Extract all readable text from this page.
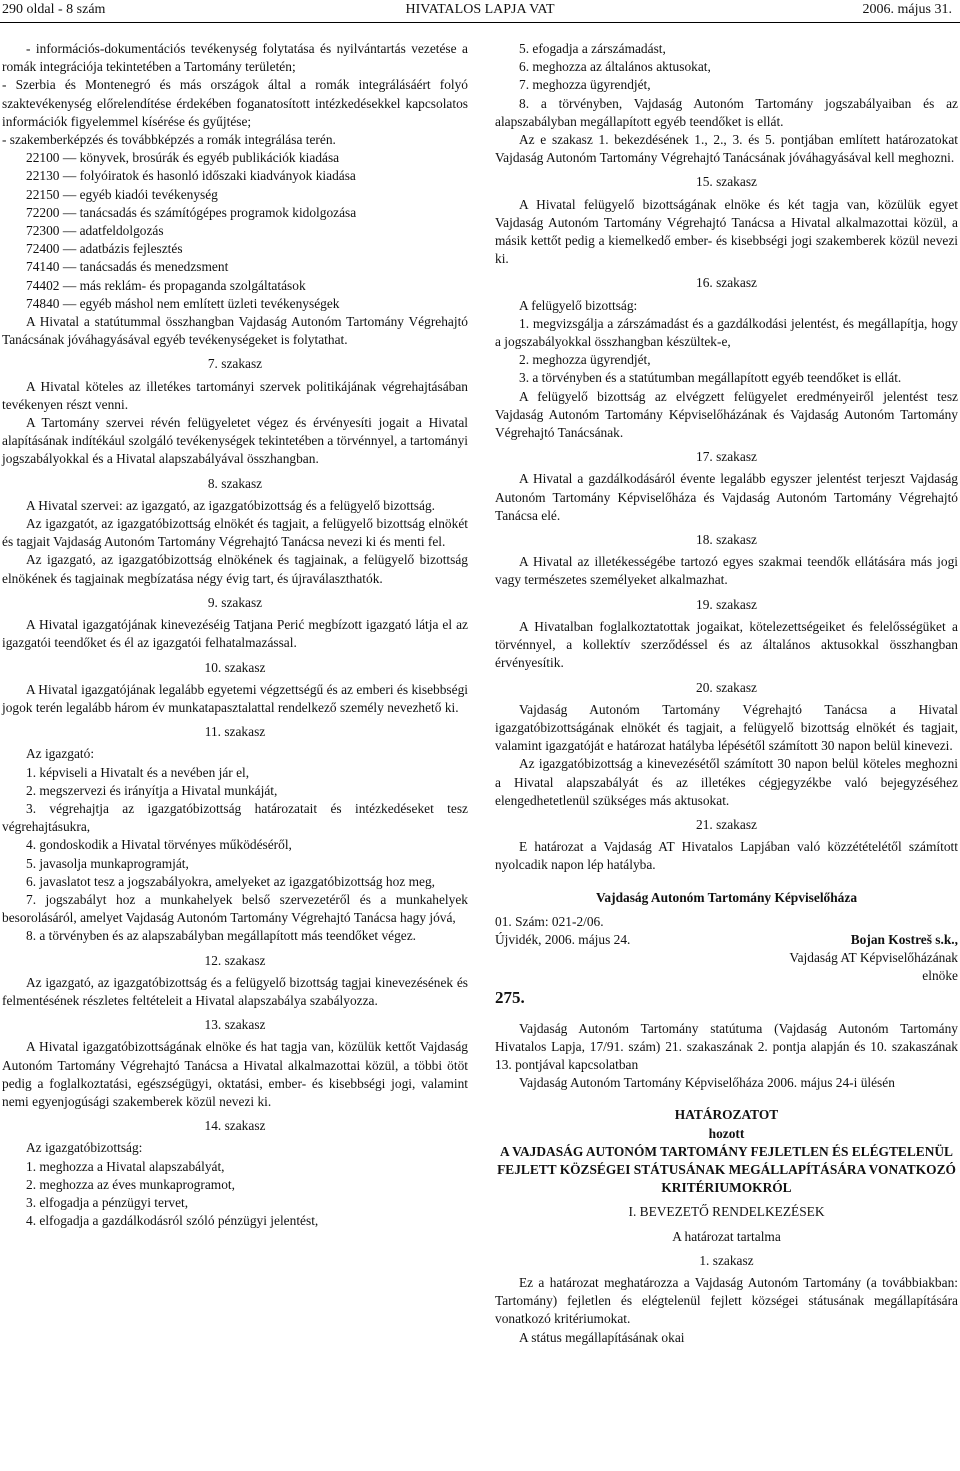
290 oldal - 8 szám	HIVATALOS LAPJA VAT	2006. május 31.

- információs-dokumentációs tevékenység folytatása és nyilvántartás vezetése a romák integrációja tekintetében a Tartomány területén;

- Szerbia és Montenegró és más országok által a romák integrálásáért folyó szaktevékenység előrelendítése érdekében foganatosított intézkedésekkel kapcsolatos információk figyelemmel kísérése és gyűjtése;

- szakemberképzés és továbbképzés a romák integrálása terén.

22100 — könyvek, brosúrák és egyéb publikációk kiadása
22130 — folyóiratok és hasonló időszaki kiadványok kiadása
22150 — egyéb kiadói tevékenység
72200 — tanácsadás és számítógépes programok kidolgozása
72300 — adatfeldolgozás
72400 — adatbázis fejlesztés
74140 — tanácsadás és menedzsment
74402 — más reklám- és propaganda szolgáltatások
74840 — egyéb máshol nem említett üzleti tevékenységek

A Hivatal a statútummal összhangban Vajdaság Autonóm Tartomány Végrehajtó Tanácsának jóváhagyásával egyéb tevékenységeket is folytathat.

7. szakasz

A Hivatal köteles az illetékes tartományi szervek politikájának végrehajtásában tevékenyen részt venni.

A Tartomány szervei révén felügyeletet végez és érvényesíti jogait a Hivatal alapításának indítékául szolgáló tevékenységek tekintetében a törvénnyel, a tartományi jogszabályokkal és a Hivatal alapszabályával összhangban.

8. szakasz

A Hivatal szervei: az igazgató, az igazgatóbizottság és a felügyelő bizottság.

Az igazgatót, az igazgatóbizottság elnökét és tagjait, a felügyelő bizottság elnökét és tagjait Vajdaság Autonóm Tartomány Végrehajtó Tanácsa nevezi ki és menti fel.

Az igazgató, az igazgatóbizottság elnökének és tagjainak, a felügyelő bizottság elnökének és tagjainak megbízatása négy évig tart, és újraválaszthatók.

9. szakasz

A Hivatal igazgatójának kinevezéséig Tatjana Perić megbízott igazgató látja el az igazgatói teendőket és él az igazgatói felhatalmazással.

10. szakasz

A Hivatal igazgatójának legalább egyetemi végzettségű és az emberi és kisebbségi jogok terén legalább három év munkatapasztalattal rendelkező személy nevezhető ki.

11. szakasz

Az igazgató:

1. képviseli a Hivatalt és a nevében jár el,
2. megszervezi és irányítja a Hivatal munkáját,
3. végrehajtja az igazgatóbizottság határozatait és intézkedéseket tesz végrehajtásukra,
4. gondoskodik a Hivatal törvényes működéséről,
5. javasolja munkaprogramját,
6. javaslatot tesz a jogszabályokra, amelyeket az igazgatóbizottság hoz meg,
7. jogszabályt hoz a munkahelyek belső szervezetéről és a munkahelyek besorolásáról, amelyet Vajdaság Autonóm Tartomány Végrehajtó Tanácsa hagy jóvá,
8. a törvényben és az alapszabályban megállapított más teendőket végez.

12. szakasz

Az igazgató, az igazgatóbizottság és a felügyelő bizottság tagjai kinevezésének és felmentésének részletes feltételeit a Hivatal alapszabálya szabályozza.

13. szakasz

A Hivatal igazgatóbizottságának elnöke és hat tagja van, közülük kettőt Vajdaság Autonóm Tartomány Végrehajtó Tanácsa a Hivatal alkalmazottai közül, a többi ötöt pedig a foglalkoztatási, egészségügyi, oktatási, ember- és kisebbségi jogi, valamint nemi egyenjogúsági szakemberek közül nevezi ki.

14. szakasz

Az igazgatóbizottság:

1. meghozza a Hivatal alapszabályát,
2. meghozza az éves munkaprogramot,
3. elfogadja a pénzügyi tervet,
4. elfogadja a gazdálkodásról szóló pénzügyi jelentést,
5. efogadja a zárszámadást,
6. meghozza az általános aktusokat,
7. meghozza ügyrendjét,
8. a törvényben, Vajdaság Autonóm Tartomány jogszabályaiban és az alapszabályban megállapított egyéb teendőket is ellát.

Az e szakasz 1. bekezdésének 1., 2., 3. és 5. pontjában említett határozatokat Vajdaság Autonóm Tartomány Végrehajtó Tanácsának jóváhagyásával kell meghozni.

15. szakasz

A Hivatal felügyelő bizottságának elnöke és két tagja van, közülük egyet Vajdaság Autonóm Tartomány Végrehajtó Tanácsa a Hivatal alkalmazottai közül, a másik kettőt pedig a kiemelkedő ember- és kisebbségi jogi szakemberek közül nevezi ki.

16. szakasz

A felügyelő bizottság:

1. megvizsgálja a zárszámadást és a gazdálkodási jelentést, és megállapítja, hogy a jogszabályokkal összhangban készültek-e,
2. meghozza ügyrendjét,
3. a törvényben és a statútumban megállapított egyéb teendőket is ellát.

A felügyelő bizottság az elvégzett felügyelet eredményeiről jelentést tesz Vajdaság Autonóm Tartomány Képviselőházának és Vajdaság Autonóm Tartomány Végrehajtó Tanácsának.

17. szakasz

A Hivatal a gazdálkodásáról évente legalább egyszer jelentést terjeszt Vajdaság Autonóm Tartomány Képviselőháza és Vajdaság Autonóm Tartomány Végrehajtó Tanácsa elé.

18. szakasz

A Hivatal az illetékességébe tartozó egyes szakmai teendők ellátására más jogi vagy természetes személyeket alkalmazhat.

19. szakasz

A Hivatalban foglalkoztatottak jogaikat, kötelezettségeiket és felelősségüket a törvénnyel, a kollektív szerződéssel és az általános aktusokkal összhangban érvényesítik.

20. szakasz

Vajdaság Autonóm Tartomány Végrehajtó Tanácsa a Hivatal igazgatóbizottságának elnökét és tagjait, a felügyelő bizottság elnökét és tagjait, valamint igazgatóját e határozat hatályba lépésétől számított 30 napon belül kinevezi.

Az igazgatóbizottság a kinevezésétől számított 30 napon belül köteles meghozni a Hivatal alapszabályát és az illetékes cégjegyzékbe való bejegyzéséhez elengedhetetlenül szükséges más aktusokat.

21. szakasz

E határozat a Vajdaság AT Hivatalos Lapjában való közzétételétől számított nyolcadik napon lép hatályba.

Vajdaság Autonóm Tartomány Képviselőháza

01. Szám: 021-2/06.

Újvidék, 2006. május 24.	Bojan Kostreš s.k.,

Vajdaság AT Képviselőházának

elnöke

275.

Vajdaság Autonóm Tartomány statútuma (Vajdaság Autonóm Tartomány Hivatalos Lapja, 17/91. szám) 21. szakaszának 2. pontja alapján és 10. szakaszának 13. pontjával kapcsolatban

Vajdaság Autonóm Tartomány Képviselőháza 2006. május 24-i ülésén

HATÁROZATOT

hozott

A VAJDASÁG AUTONÓM TARTOMÁNY FEJLETLEN ÉS ELÉGTELENÜL FEJLETT KÖZSÉGEI STÁTUSÁNAK MEGÁLLAPÍTÁSÁRA VONATKOZÓ KRITÉRIUMOKRÓL

I. BEVEZETŐ RENDELKEZÉSEK

A határozat tartalma

1. szakasz

Ez a határozat meghatározza a Vajdaság Autonóm Tartomány (a továbbiakban: Tartomány) fejletlen és elégtelenül fejlett községei státusának megállapítására vonatkozó kritériumokat.

A státus megállapításának okai
